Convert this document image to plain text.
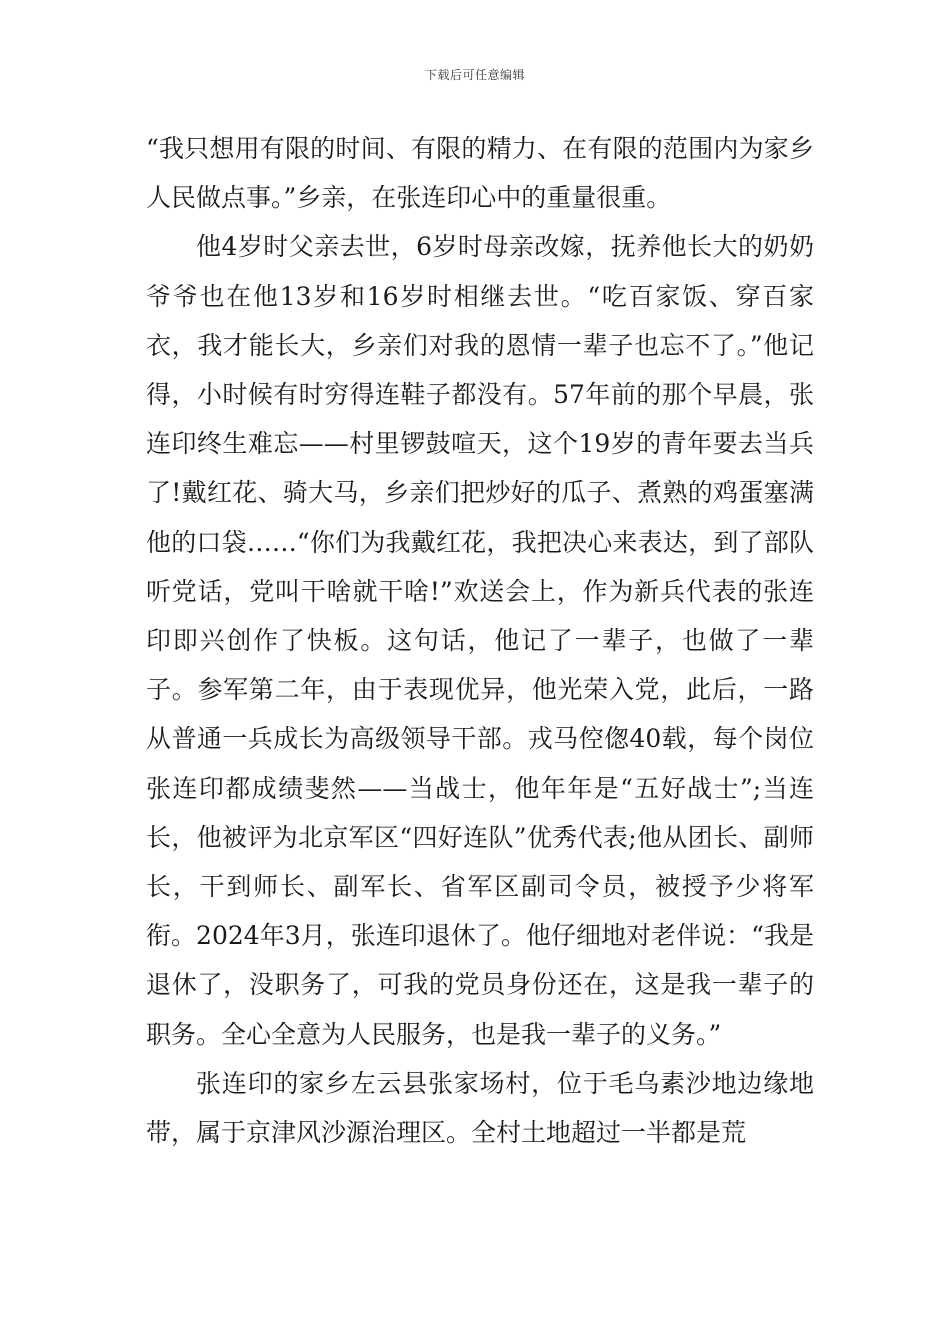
下载后可任意编辑

“我只想用有限的时间、有限的精力、在有限的范围内为家乡人民做点事。”乡亲，在张连印心中的重量很重。

他4岁时父亲去世，6岁时母亲改嫁，抚养他长大的奶奶爷爷也在他13岁和16岁时相继去世。“吃百家饭、穿百家衣，我才能长大，乡亲们对我的恩情一辈子也忘不了。”他记得，小时候有时穷得连鞋子都没有。57年前的那个早晨，张连印终生难忘——村里锣鼓喧天，这个19岁的青年要去当兵了!戴红花、骑大马，乡亲们把炒好的瓜子、煮熟的鸡蛋塞满他的口袋……“你们为我戴红花，我把决心来表达，到了部队听党话，党叫干啥就干啥!”欢送会上，作为新兵代表的张连印即兴创作了快板。这句话，他记了一辈子，也做了一辈子。参军第二年，由于表现优异，他光荣入党，此后，一路从普通一兵成长为高级领导干部。戎马倥偬40载，每个岗位张连印都成绩斐然——当战士，他年年是“五好战士”;当连长，他被评为北京军区“四好连队”优秀代表;他从团长、副师长，干到师长、副军长、省军区副司令员，被授予少将军衔。2024年3月，张连印退休了。他仔细地对老伴说：“我是退休了，没职务了，可我的党员身份还在，这是我一辈子的职务。全心全意为人民服务，也是我一辈子的义务。”

张连印的家乡左云县张家场村，位于毛乌素沙地边缘地带，属于京津风沙源治理区。全村土地超过一半都是荒
